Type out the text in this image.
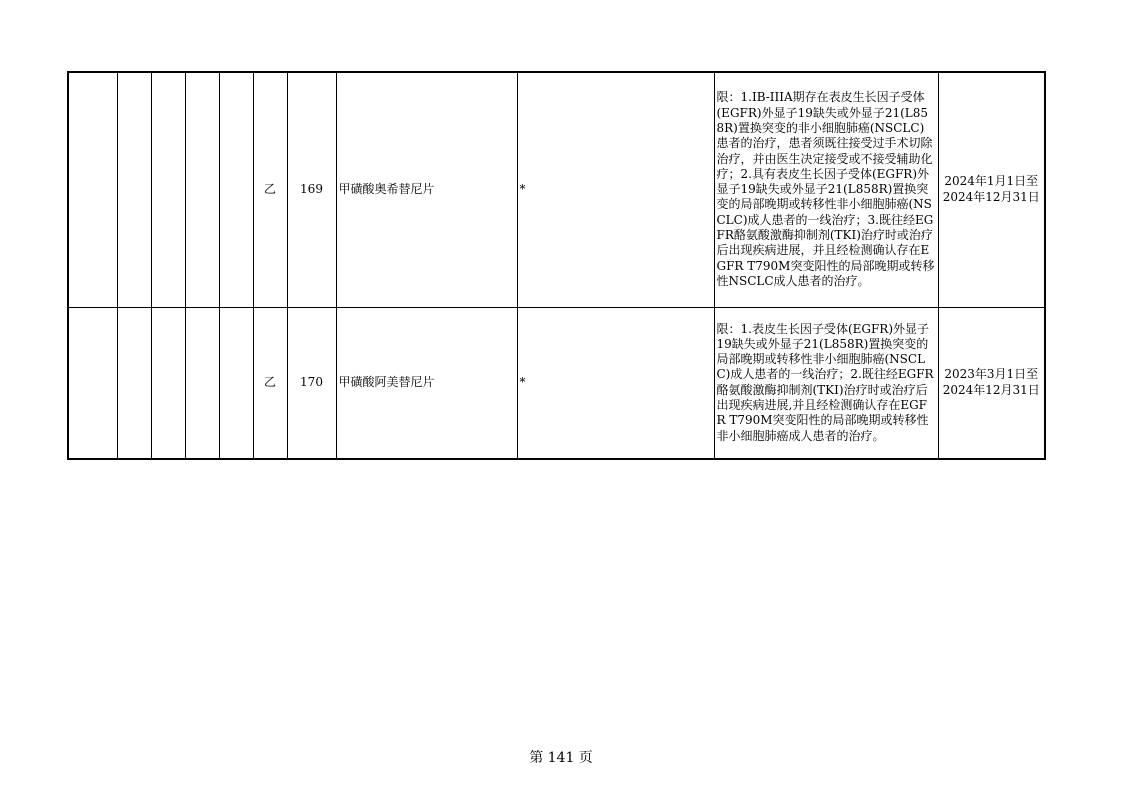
					乙	169	甲磺酸奥希替尼片	*	限：1.IB-IIIA期存在表皮生长因子受体(EGFR)外显子19缺失或外显子21(L858R)置换突变的非小细胞肺癌(NSCLC)患者的治疗，患者须既往接受过手术切除治疗，并由医生决定接受或不接受辅助化疗；2.具有表皮生长因子受体(EGFR)外显子19缺失或外显子21(L858R)置换突变的局部晚期或转移性非小细胞肺癌(NSCLC)成人患者的一线治疗；3.既往经EGFR酪氨酸激酶抑制剂(TKI)治疗时或治疗后出现疾病进展，并且经检测确认存在EGFR T790M突变阳性的局部晚期或转移性NSCLC成人患者的治疗。	2024年1月1日至
2024年12月31日

					乙	170	甲磺酸阿美替尼片	*	限：1.表皮生长因子受体(EGFR)外显子19缺失或外显子21(L858R)置换突变的局部晚期或转移性非小细胞肺癌(NSCLC)成人患者的一线治疗；2.既往经EGFR酪氨酸激酶抑制剂(TKI)治疗时或治疗后出现疾病进展,并且经检测确认存在EGFR T790M突变阳性的局部晚期或转移性非小细胞肺癌成人患者的治疗。	2023年3月1日至
2024年12月31日
第 141 页
